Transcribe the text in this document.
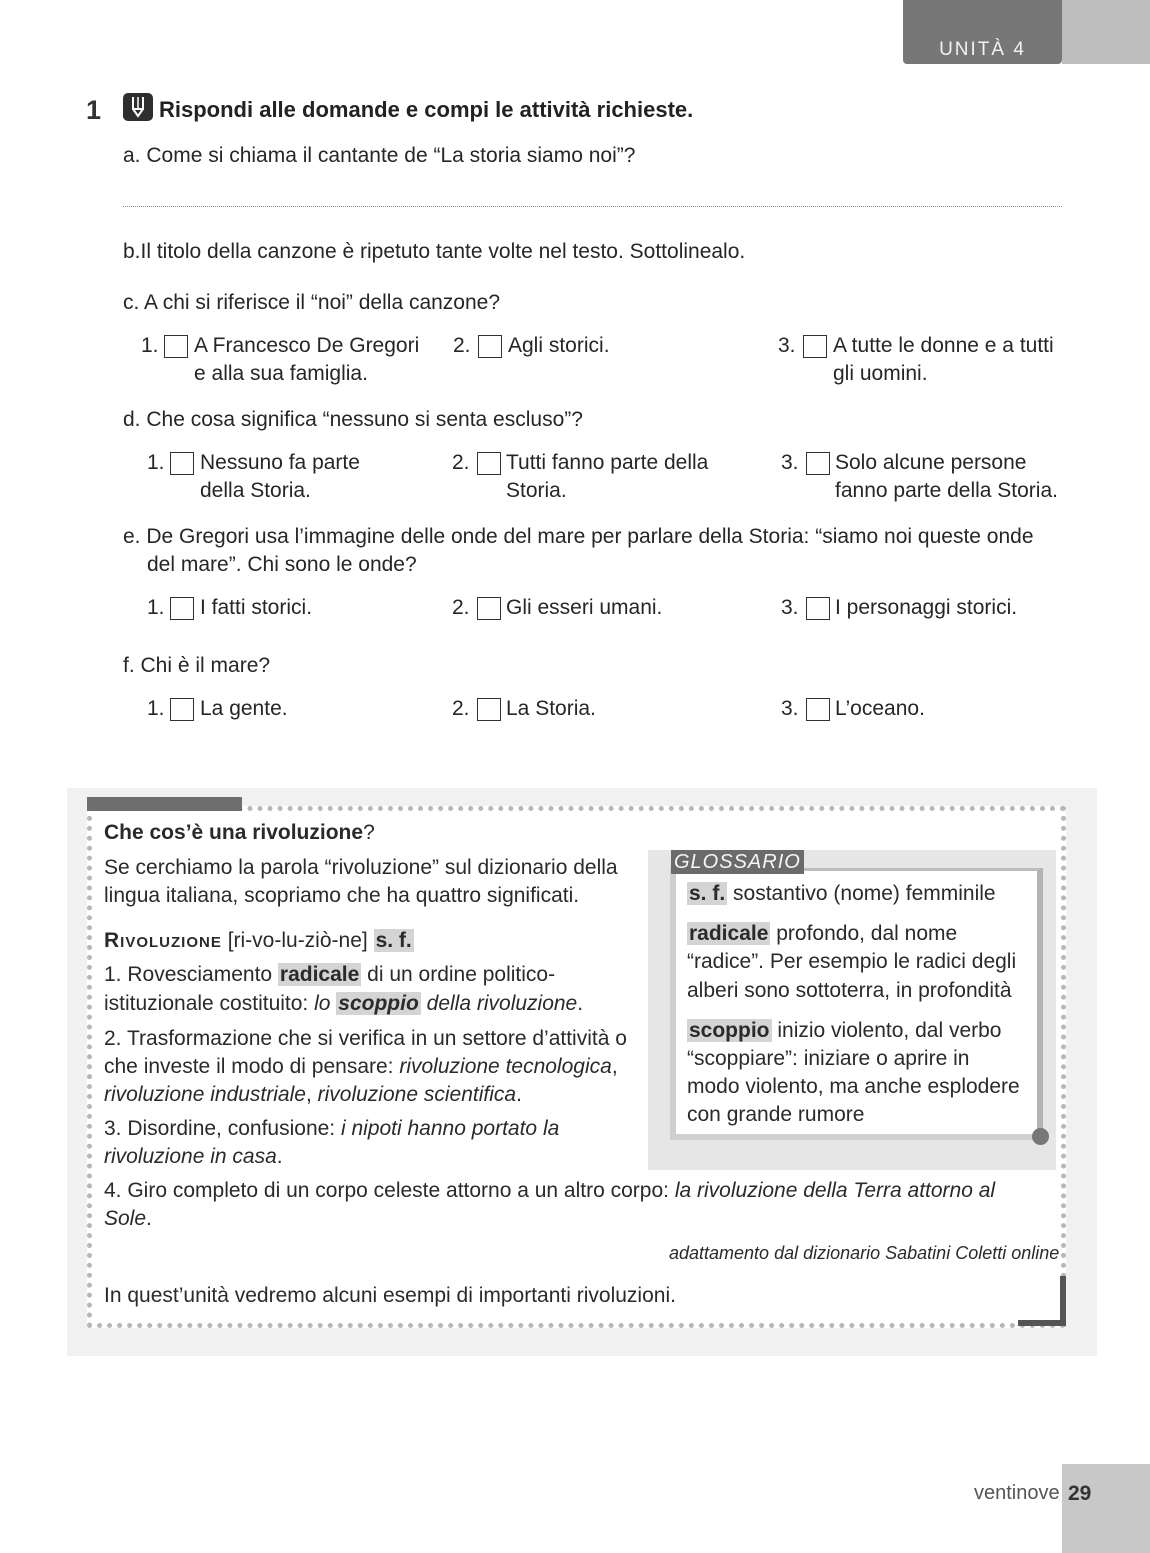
UNITÀ 4
1	Rispondi alle domande e compi le attività richieste.
a. Come si chiama il cantante de “La storia siamo noi”?
b.Il titolo della canzone è ripetuto tante volte nel testo. Sottolinealo.
c. A chi si riferisce il “noi” della canzone?
1. A Francesco De Gregori
e alla sua famiglia.
2. Agli storici.	3. A tutte le donne e a tutti
gli uomini.
d. Che cosa significa “nessuno si senta escluso”?
1. Nessuno fa parte
della Storia.
2. Tutti fanno parte della
Storia.
3. Solo alcune persone
fanno parte della Storia.
e. De Gregori usa l’immagine delle onde del mare per parlare della Storia: “siamo noi queste onde
del mare”. Chi sono le onde?
1. I fatti storici.	2. Gli esseri umani.	3. I personaggi storici.
f. Chi è il mare?
1. La gente.	2. La Storia.	3. L’oceano.
Che cos’è una rivoluzione?
Se cerchiamo la parola “rivoluzione” sul dizionario della
lingua italiana, scopriamo che ha quattro significati.
Rivoluzione [ri-vo-lu-ziò-ne] s. f.
1. Rovesciamento radicale di un ordine politico-
istituzionale costituito: lo scoppio della rivoluzione.
2. Trasformazione che si verifica in un settore d’attività o
che investe il modo di pensare: rivoluzione tecnologica,
rivoluzione industriale, rivoluzione scientifica.
3. Disordine, confusione: i nipoti hanno portato la
rivoluzione in casa.
4. Giro completo di un corpo celeste attorno a un altro corpo: la rivoluzione della Terra attorno al
Sole.
adattamento dal dizionario Sabatini Coletti online
In quest’unità vedremo alcuni esempi di importanti rivoluzioni.
GLOSSARIO
s. f. sostantivo (nome) femminile
radicale profondo, dal nome
“radice”. Per esempio le radici degli
alberi sono sottoterra, in profondità
scoppio inizio violento, dal verbo
“scoppiare”: iniziare o aprire in
modo violento, ma anche esplodere
con grande rumore
ventinove 29
